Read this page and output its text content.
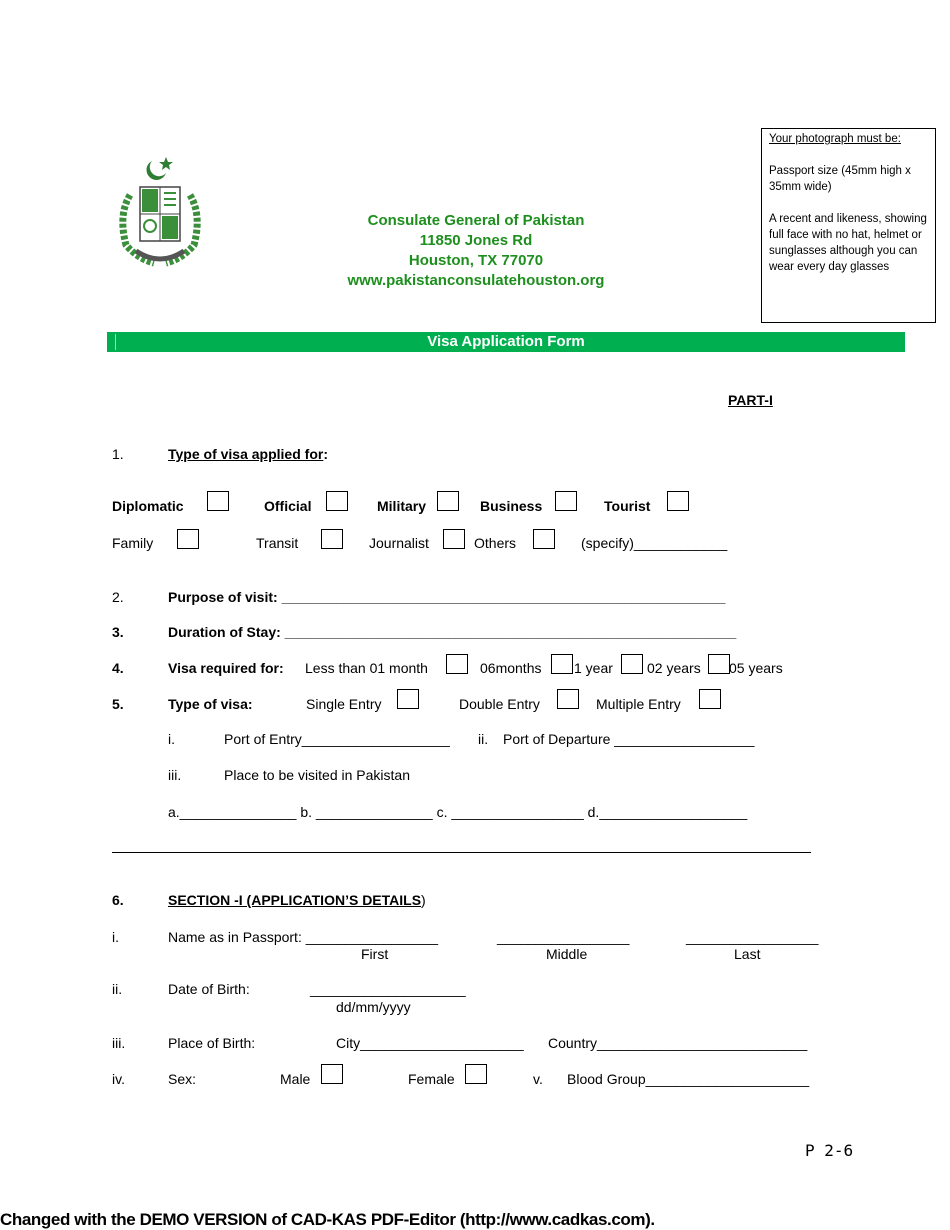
Your photograph must be:

Passport size (45mm high x 35mm wide)

A recent and likeness, showing full face with no hat, helmet or sunglasses although you can wear every day glasses

Consulate General of Pakistan
11850 Jones Rd
Houston, TX 77070
www.pakistanconsulatehouston.org
Visa Application Form
PART-I
1.	Type of visa applied for:
Diplomatic	Official	Military	Business	Tourist
Family	Transit	Journalist	Others	(specify)____________
2.	Purpose of visit: _________________________________________________________
3.	Duration of Stay: __________________________________________________________
4.	Visa required for: Less than 01 month	06months 1 year 02 years 05 years
5.	Type of visa:	Single Entry	Double Entry	Multiple Entry
i.	Port of Entry___________________ ii. Port of Departure __________________
iii.	Place to be visited in Pakistan
a._______________ b. _______________ c. _________________ d.___________________
6.	SECTION -I (APPLICATION’S DETAILS)
i.	Name as in Passport: _________________	_________________	_________________
First	Middle	Last
ii.	Date of Birth:	____________________
dd/mm/yyyy
iii.	Place of Birth:	City_____________________ Country___________________________
iv.	Sex:	Male	Female	v. Blood Group_____________________
P 2-6
Changed with the DEMO VERSION of CAD-KAS PDF-Editor (http://www.cadkas.com).
